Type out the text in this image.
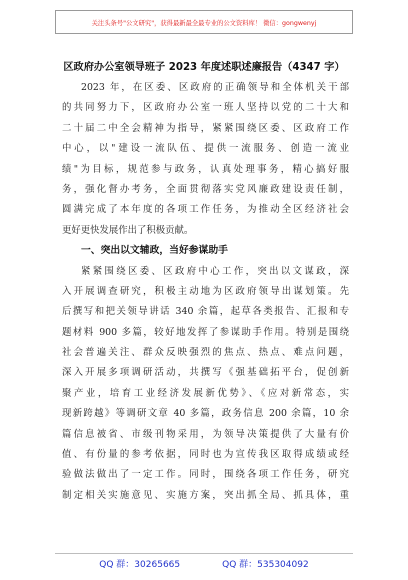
关注头条号"公文研究"，获得最新最全最专业的公文资料库！ 微信：gongwenyj
区政府办公室领导班子 2023 年度述职述廉报告（4347 字）
2023 年，在区委、区政府的正确领导和全体机关干部
的共同努力下，区政府办公室一班人坚持以党的二十大和
二十届二中全会精神为指导，紧紧围绕区委、区政府工作
中心，以"建设一流队伍、提供一流服务、创造一流业
绩"为目标，规范参与政务，认真处理事务，精心搞好服
务，强化督办考务，全面贯彻落实党风廉政建设责任制，
圆满完成了本年度的各项工作任务，为推动全区经济社会
更好更快发展作出了积极贡献。
一、突出以文辅政，当好参谋助手
紧紧围绕区委、区政府中心工作，突出以文谋政，深
入开展调查研究，积极主动地为区政府领导出谋划策。先
后撰写和把关领导讲话 340 余篇，起草各类报告、汇报和专
题材料 900 多篇，较好地发挥了参谋助手作用。特别是围绕
社会普遍关注、群众反映强烈的焦点、热点、难点问题，
深入开展多项调研活动，共撰写《强基础拓平台，促创新
聚产业，培育工业经济发展新优势》、《应对新常态，实
现新跨越》等调研文章 40 多篇，政务信息 200 余篇，10 余
篇信息被省、市级刊物采用，为领导决策提供了大量有价
值、有份量的参考依据，同时也为宣传我区取得成绩或经
验做法做出了一定工作。同时，围绕各项工作任务，研究
制定相关实施意见、实施方案，突出抓全局、抓具体，重
QQ 群：30265665	QQ 群：535304092
